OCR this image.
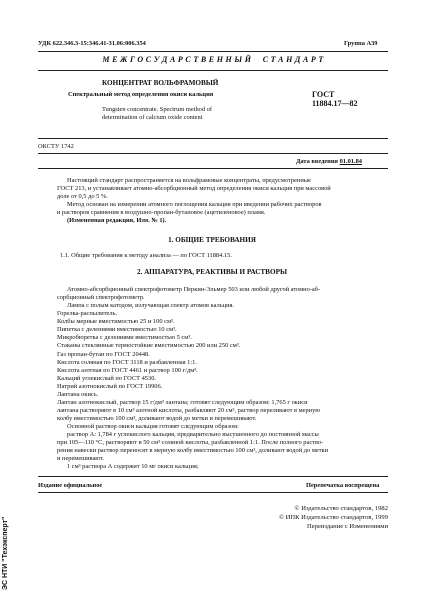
УДК 622.346.3-15:346.41-31.06:006.354	Группа А39
М Е Ж Г О С У Д А Р С Т В Е Н Н Ы Й     С Т А Н Д А Р Т
КОНЦЕНТРАТ ВОЛЬФРАМОВЫЙ
Спектральный метод определения окиси кальция
Tungsten concentrate. Spectrum method of
determination of calcium oxide content
ГОСТ
11884.17—82
ОКСТУ 1742
Дата введения 01.01.84
Настоящий стандарт распространяется на вольфрамовые концентраты, предусмотренные
ГОСТ 213, и устанавливает атомно-абсорбционный метод определения окиси кальция при массовой
доле от 0,5 до 5 %.
Метод основан на измерении атомного поглощения кальция при введении рабочих растворов
и растворов сравнения в воздушно-пропан-бутановое (ацетиленовое) пламя.
(Измененная редакция, Изм. № 1).
1. ОБЩИЕ ТРЕБОВАНИЯ
1.1. Общие требования к методу анализа — по ГОСТ 11884.15.
2. АППАРАТУРА, РЕАКТИВЫ И РАСТВОРЫ
Атомно-абсорбционный спектрофотометр Перкин-Эльмер 503 или любой другой атомно-аб-
сорбционный спектрофотометр.
Лампа с полым катодом, излучающая спектр атомов кальция.
Горелка-распылитель.
Колбы мерные вместимостью 25 и 100 см³.
Пипетка с делениями вместимостью 10 см³.
Микробюретка с делениями вместимостью 5 см³.
Стаканы стеклянные термостойкие вместимостью 200 или 250 см³.
Газ пропан-бутан по ГОСТ 20448.
Кислота соляная по ГОСТ 3118 и разбавленная 1:1.
Кислота азотная по ГОСТ 4461 и раствор 100 г/дм³.
Кальций углекислый по ГОСТ 4530.
Натрий азотнокислый по ГОСТ 19906.
Лантана окись.
Лантан азотнокислый, раствор 15 г/дм³ лантана; готовят следующим образом: 1,765 г окиси
лантана растворяют в 10 см³ азотной кислоты, разбавляют 20 см³, раствор переливают в мерную
колбу вместимостью 100 см³, доливают водой до метки и перемешивают.
Основной раствор окиси кальция готовят следующим образом:
раствор А: 1,784 г углекислого кальция, предварительно высушенного до постоянной массы
при 105—110 °С, растворяют в 50 см³ соляной кислоты, разбавленной 1:1. После полного раство-
рения навески раствор переносят в мерную колбу вместимостью 100 см³, доливают водой до метки
и перемешивают.
1 см³ раствора А содержит 10 мг окиси кальция;
Издание официальное	Перепечатка воспрещена
© Издательство стандартов, 1982
© ИПК Издательство стандартов, 1999
Переиздание с Изменениями
ЭС НТИ "Техэксперт"
